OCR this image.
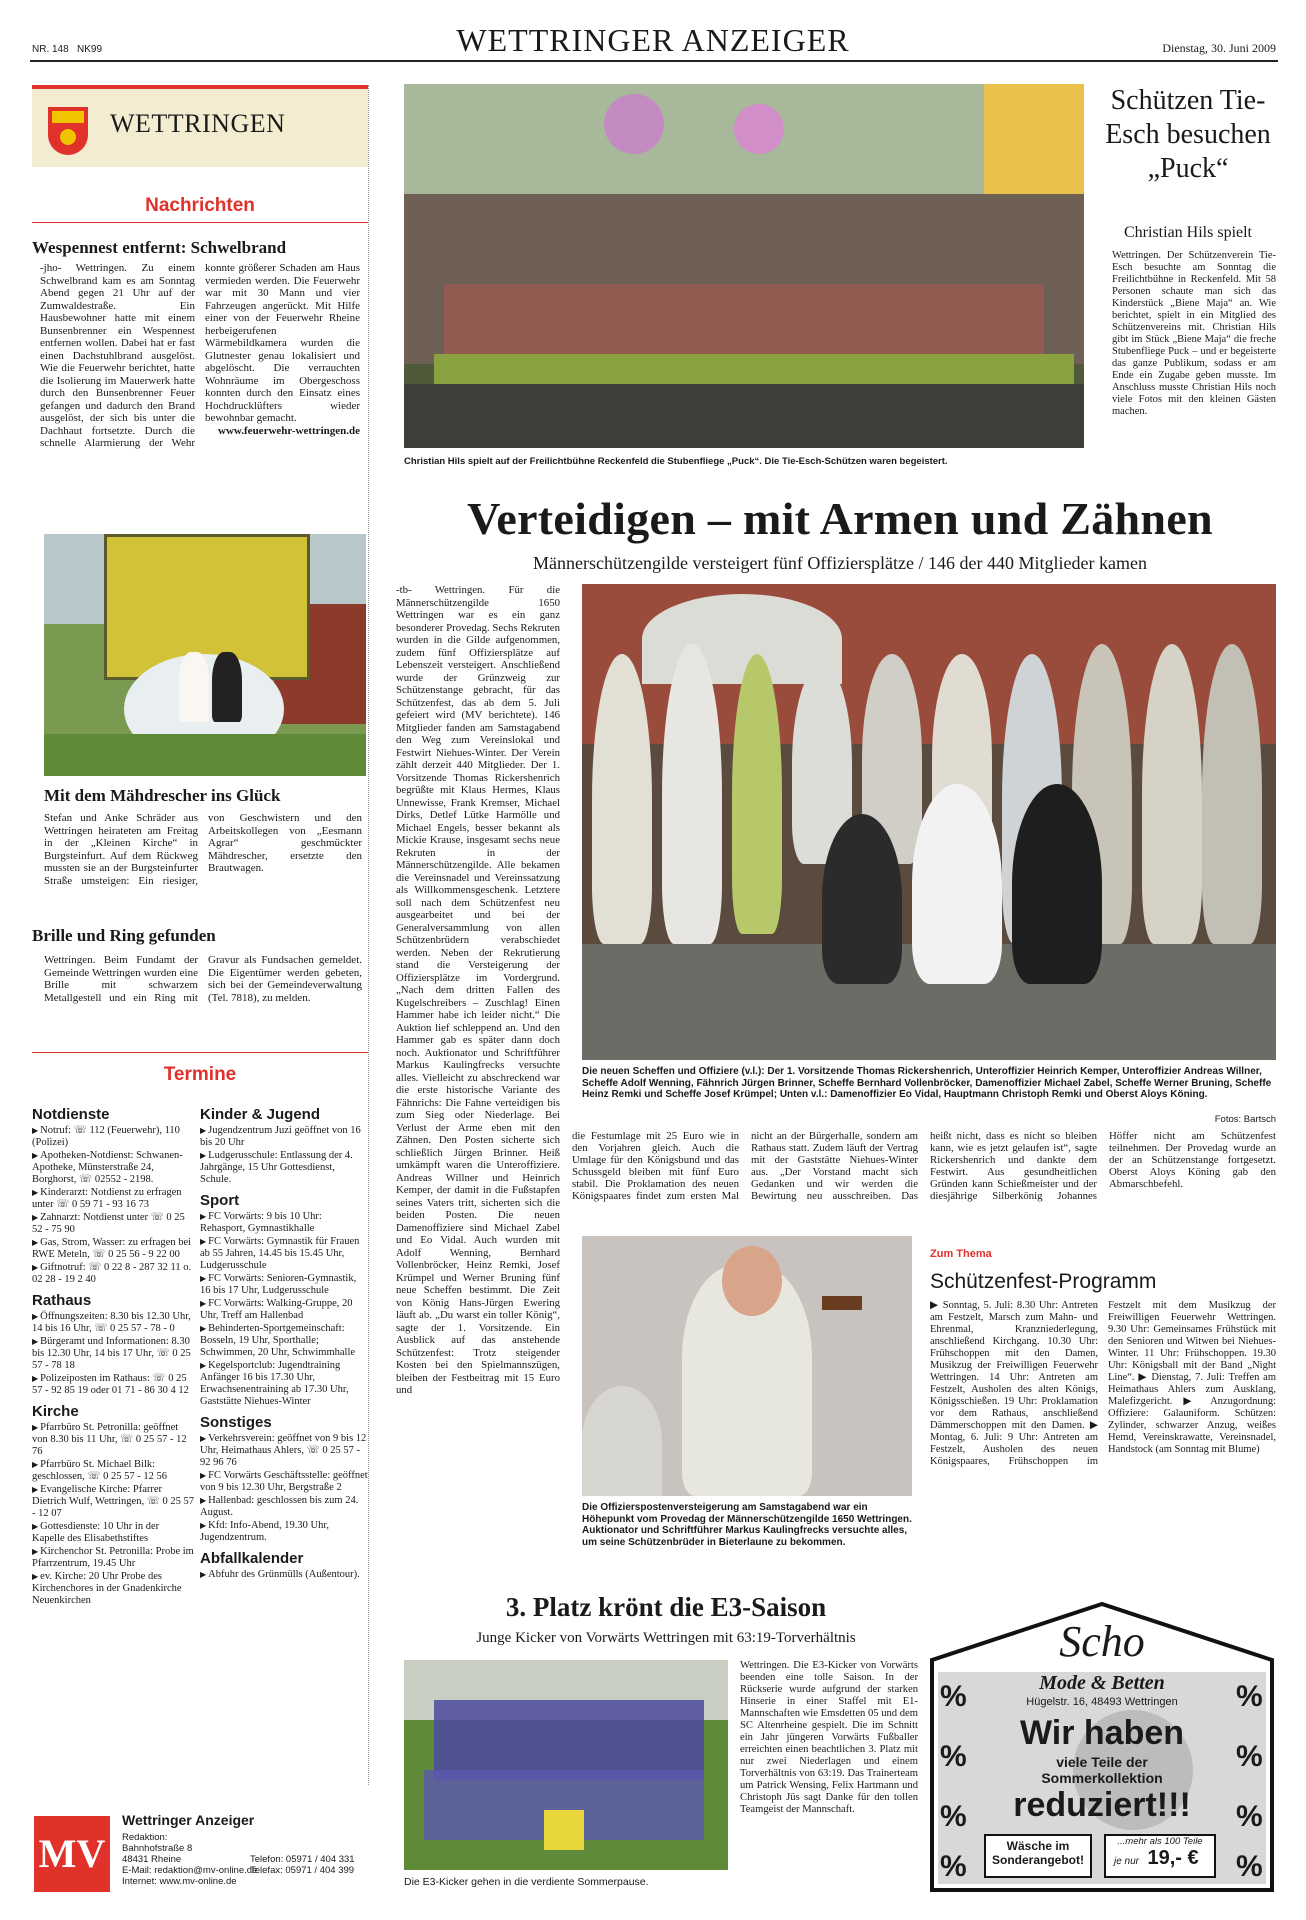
NR. 148 NK99	WETTRINGER ANZEIGER	Dienstag, 30. Juni 2009
WETTRINGEN
Nachrichten
Wespennest entfernt: Schwelbrand
-jho- Wettringen. Zu einem Schwelbrand kam es am Sonntag Abend gegen 21 Uhr auf der Zumwaldestraße. Ein Hausbewohner hatte mit einem Bunsenbrenner ein Wespennest entfernen wollen. Dabei hat er fast einen Dachstuhlbrand ausgelöst. Wie die Feuerwehr berichtet, hatte die Isolierung im Mauerwerk hatte durch den Bunsenbrenner Feuer gefangen und dadurch den Brand ausgelöst, der sich bis unter die Dachhaut fortsetzte. Durch die schnelle Alarmierung der Wehr konnte größerer Schaden am Haus vermieden werden. Die Feuerwehr war mit 30 Mann und vier Fahrzeugen angerückt. Mit Hilfe einer von der Feuerwehr Rheine herbeigerufenen Wärmebildkamera wurden die Glutnester genau lokalisiert und abgelöscht. Die verrauchten Wohnräume im Obergeschoss konnten durch den Einsatz eines Hochdrucklüfters wieder bewohnbar gemacht.

www.feuerwehr-wettringen.de
Mit dem Mähdrescher ins Glück
Stefan und Anke Schräder aus Wettringen heirateten am Freitag in der „Kleinen Kirche“ in Burgsteinfurt. Auf dem Rückweg mussten sie an der Burgsteinfurter Straße umsteigen: Ein riesiger, von Geschwistern und den Arbeitskollegen von „Eesmann Agrar“ geschmückter Mähdrescher, ersetzte den Brautwagen.
Brille und Ring gefunden
Wettringen. Beim Fundamt der Gemeinde Wettringen wurden eine Brille mit schwarzem Metallgestell und ein Ring mit Gravur als Fundsachen gemeldet. Die Eigentümer werden gebeten, sich bei der Gemeindeverwaltung (Tel. 7818), zu melden.
Termine
Notdienste
▶ Notruf: ☏ 112 (Feuerwehr), 110 (Polizei)
▶ Apotheken-Notdienst: Schwanen-Apotheke, Münsterstraße 24, Borghorst, ☏ 02552 - 2198.
▶ Kinderarzt: Notdienst zu erfragen unter ☏ 0 59 71 - 93 16 73
▶ Zahnarzt: Notdienst unter ☏ 0 25 52 - 75 90
▶ Gas, Strom, Wasser: zu erfragen bei RWE Meteln, ☏ 0 25 56 - 9 22 00
▶ Giftnotruf: ☏ 0 22 8 - 287 32 11 o. 02 28 - 19 2 40
Rathaus
▶ Öffnungszeiten: 8.30 bis 12.30 Uhr, 14 bis 16 Uhr, ☏ 0 25 57 - 78 - 0
▶ Bürgeramt und Informationen: 8.30 bis 12.30 Uhr, 14 bis 17 Uhr, ☏ 0 25 57 - 78 18
▶ Polizeiposten im Rathaus: ☏ 0 25 57 - 92 85 19 oder 01 71 - 86 30 4 12
Kirche
▶ Pfarrbüro St. Petronilla: geöffnet von 8.30 bis 11 Uhr, ☏ 0 25 57 - 12 76
▶ Pfarrbüro St. Michael Bilk: geschlossen, ☏ 0 25 57 - 12 56
▶ Evangelische Kirche: Pfarrer Dietrich Wulf, Wettringen, ☏ 0 25 57 - 12 07
▶ Gottesdienste: 10 Uhr in der Kapelle des Elisabethstiftes
▶ Kirchenchor St. Petronilla: Probe im Pfarrzentrum, 19.45 Uhr
▶ ev. Kirche: 20 Uhr Probe des Kirchenchores in der Gnadenkirche Neuenkirchen
Kinder & Jugend
▶ Jugendzentrum Juzi geöffnet von 16 bis 20 Uhr
▶ Ludgerusschule: Entlassung der 4. Jahrgänge, 15 Uhr Gottesdienst, Schule.
Sport
▶ FC Vorwärts: 9 bis 10 Uhr: Rehasport, Gymnastikhalle
▶ FC Vorwärts: Gymnastik für Frauen ab 55 Jahren, 14.45 bis 15.45 Uhr, Ludgerusschule
▶ FC Vorwärts: Senioren-Gymnastik, 16 bis 17 Uhr, Ludgerusschule
▶ FC Vorwärts: Walking-Gruppe, 20 Uhr, Treff am Hallenbad
▶ Behinderten-Sportgemeinschaft: Bosseln, 19 Uhr, Sporthalle; Schwimmen, 20 Uhr, Schwimmhalle
▶ Kegelsportclub: Jugendtraining Anfänger 16 bis 17.30 Uhr, Erwachsenentraining ab 17.30 Uhr, Gaststätte Niehues-Winter
Sonstiges
▶ Verkehrsverein: geöffnet von 9 bis 12 Uhr, Heimathaus Ahlers, ☏ 0 25 57 - 92 96 76
▶ FC Vorwärts Geschäftsstelle: geöffnet von 9 bis 12.30 Uhr, Bergstraße 2
▶ Hallenbad: geschlossen bis zum 24. August.
▶ Kfd: Info-Abend, 19.30 Uhr, Jugendzentrum.
Abfallkalender
▶ Abfuhr des Grünmülls (Außentour).
MV
Wettringer Anzeiger
Redaktion:
Bahnhofstraße 8
48431 Rheine
E-Mail: redaktion@mv-online.de
Internet: www.mv-online.de
Telefon: 05971 / 404 331
Telefax: 05971 / 404 399
Christian Hils spielt auf der Freilichtbühne Reckenfeld die Stubenfliege „Puck“. Die Tie-Esch-Schützen waren begeistert.
Schützen Tie-Esch besuchen „Puck“
Christian Hils spielt
Wettringen. Der Schützenverein Tie-Esch besuchte am Sonntag die Freilichtbühne in Reckenfeld. Mit 58 Personen schaute man sich das Kinderstück „Biene Maja“ an. Wie berichtet, spielt in ein Mitglied des Schützenvereins mit. Christian Hils gibt im Stück „Biene Maja“ die freche Stubenfliege Puck – und er begeisterte das ganze Publikum, sodass er am Ende ein Zugabe geben musste. Im Anschluss musste Christian Hils noch viele Fotos mit den kleinen Gästen machen.
Verteidigen – mit Armen und Zähnen
Männerschützengilde versteigert fünf Offiziersplätze / 146 der 440 Mitglieder kamen
-tb- Wettringen. Für die Männerschützengilde 1650 Wettringen war es ein ganz besonderer Provedag. Sechs Rekruten wurden in die Gilde aufgenommen, zudem fünf Offiziersplätze auf Lebenszeit versteigert. Anschließend wurde der Grünzweig zur Schützenstange gebracht, für das Schützenfest, das ab dem 5. Juli gefeiert wird (MV berichtete). 146 Mitglieder fanden am Samstagabend den Weg zum Vereinslokal und Festwirt Niehues-Winter. Der Verein zählt derzeit 440 Mitglieder. Der 1. Vorsitzende Thomas Rickershenrich begrüßte mit Klaus Hermes, Klaus Unnewisse, Frank Kremser, Michael Dirks, Detlef Lütke Harmölle und Michael Engels, besser bekannt als Mickie Krause, insgesamt sechs neue Rekruten in der Männerschützengilde. Alle bekamen die Vereinsnadel und Vereinssatzung als Willkommensgeschenk. Letztere soll nach dem Schützenfest neu ausgearbeitet und bei der Generalversammlung von allen Schützenbrüdern verabschiedet werden. Neben der Rekrutierung stand die Versteigerung der Offiziersplätze im Vordergrund. „Nach dem dritten Fallen des Kugelschreibers – Zuschlag! Einen Hammer habe ich leider nicht.“ Die Auktion lief schleppend an. Und den Hammer gab es später dann doch noch. Auktionator und Schriftführer Markus Kaulingfrecks versuchte alles. Vielleicht zu abschreckend war die erste historische Variante des Fähnrichs: Die Fahne verteidigen bis zum Sieg oder Niederlage. Bei Verlust der Arme eben mit den Zähnen. Den Posten sicherte sich schließlich Jürgen Brinner. Heiß umkämpft waren die Unteroffiziere. Andreas Willner und Heinrich Kemper, der damit in die Fußstapfen seines Vaters tritt, sicherten sich die beiden Posten. Die neuen Damenoffiziere sind Michael Zabel und Eo Vidal. Auch wurden mit Adolf Wenning, Bernhard Vollenbröcker, Heinz Remki, Josef Krümpel und Werner Bruning fünf neue Scheffen bestimmt. Die Zeit von König Hans-Jürgen Ewering läuft ab. „Du warst ein toller König“, sagte der 1. Vorsitzende. Ein Ausblick auf das anstehende Schützenfest: Trotz steigender Kosten bei den Spielmannszügen, bleiben der Festbeitrag mit 15 Euro und
Die neuen Scheffen und Offiziere (v.l.): Der 1. Vorsitzende Thomas Rickershenrich, Unteroffizier Heinrich Kemper, Unteroffizier Andreas Willner, Scheffe Adolf Wenning, Fähnrich Jürgen Brinner, Scheffe Bernhard Vollenbröcker, Damenoffizier Michael Zabel, Scheffe Werner Bruning, Scheffe Heinz Remki und Scheffe Josef Krümpel; Unten v.l.: Damenoffizier Eo Vidal, Hauptmann Christoph Remki und Oberst Aloys Köning.
Fotos: Bartsch
die Festumlage mit 25 Euro wie in den Vorjahren gleich. Auch die Umlage für den Königsbund und das Schussgeld bleiben mit fünf Euro stabil. Die Proklamation des neuen Königspaares findet zum ersten Mal nicht an der Bürgerhalle, sondern am Rathaus statt. Zudem läuft der Vertrag mit der Gaststätte Niehues-Winter aus. „Der Vorstand macht sich Gedanken und wir werden die Bewirtung neu ausschreiben. Das heißt nicht, dass es nicht so bleiben kann, wie es jetzt gelaufen ist“, sagte Rickershenrich und dankte dem Festwirt. Aus gesundheitlichen Gründen kann Schießmeister und der diesjährige Silberkönig Johannes Höffer nicht am Schützenfest teilnehmen. Der Provedag wurde an der an Schützenstange fortgesetzt. Oberst Aloys Köning gab den Abmarschbefehl.
Die Offizierspostenversteigerung am Samstagabend war ein Höhepunkt vom Provedag der Männerschützengilde 1650 Wettringen. Auktionator und Schriftführer Markus Kaulingfrecks versuchte alles, um seine Schützenbrüder in Bieterlaune zu bekommen.
Zum Thema
Schützenfest-Programm
▶ Sonntag, 5. Juli: 8.30 Uhr: Antreten am Festzelt, Marsch zum Mahn- und Ehrenmal, Kranzniederlegung, anschließend Kirchgang. 10.30 Uhr: Frühschoppen mit den Damen, Musikzug der Freiwilligen Feuerwehr Wettringen. 14 Uhr: Antreten am Festzelt, Ausholen des alten Königs, Königsschießen. 19 Uhr: Proklamation vor dem Rathaus, anschließend Dämmerschoppen mit den Damen. ▶ Montag, 6. Juli: 9 Uhr: Antreten am Festzelt, Ausholen des neuen Königspaares, Frühschoppen im Festzelt mit dem Musikzug der Freiwilligen Feuerwehr Wettringen. 9.30 Uhr: Gemeinsames Frühstück mit den Senioren und Witwen bei Niehues-Winter. 11 Uhr: Frühschoppen. 19.30 Uhr: Königsball mit der Band „Night Line“. ▶ Dienstag, 7. Juli: Treffen am Heimathaus Ahlers zum Ausklang, Malefizgericht. ▶ Anzugordnung: Offiziere: Galauniform. Schützen: Zylinder, schwarzer Anzug, weißes Hemd, Vereinskrawatte, Vereinsnadel, Handstock (am Sonntag mit Blume)
3. Platz krönt die E3-Saison
Junge Kicker von Vorwärts Wettringen mit 63:19-Torverhältnis
Die E3-Kicker gehen in die verdiente Sommerpause.
Wettringen. Die E3-Kicker von Vorwärts beenden eine tolle Saison. In der Rückserie wurde aufgrund der starken Hinserie in einer Staffel mit E1-Mannschaften wie Emsdetten 05 und dem SC Altenrheine gespielt. Die im Schnitt ein Jahr jüngeren Vorwärts Fußballer erreichten einen beachtlichen 3. Platz mit nur zwei Niederlagen und einem Torverhältnis von 63:19. Das Trainerteam um Patrick Wensing, Felix Hartmann und Christoph Jüs sagt Danke für den tollen Teamgeist der Mannschaft.
Scho
Mode & Betten
Hügelstr. 16, 48493 Wettringen
Wir haben
viele Teile der
Sommerkollektion
reduziert!!!
Wäsche im Sonderangebot!
...mehr als 100 Teile
je nur 19,- €
%
%
%
%
%
%
%
%
